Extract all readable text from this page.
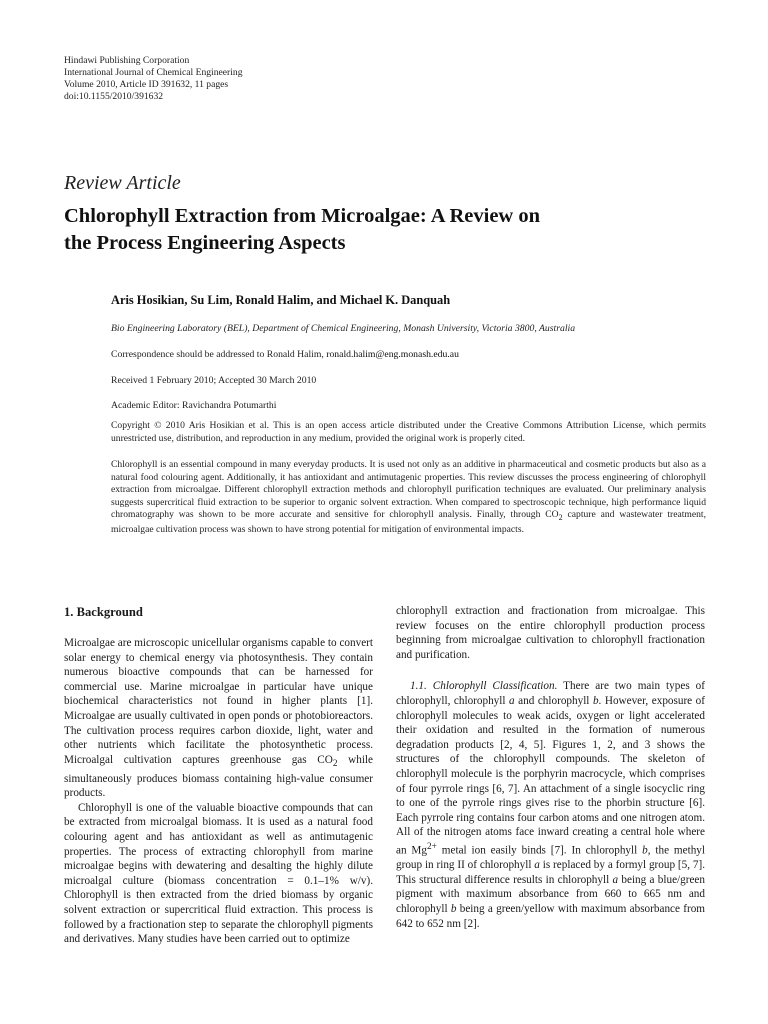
Hindawi Publishing Corporation
International Journal of Chemical Engineering
Volume 2010, Article ID 391632, 11 pages
doi:10.1155/2010/391632
Review Article
Chlorophyll Extraction from Microalgae: A Review on
the Process Engineering Aspects
Aris Hosikian, Su Lim, Ronald Halim, and Michael K. Danquah
Bio Engineering Laboratory (BEL), Department of Chemical Engineering, Monash University, Victoria 3800, Australia
Correspondence should be addressed to Ronald Halim, ronald.halim@eng.monash.edu.au
Received 1 February 2010; Accepted 30 March 2010
Academic Editor: Ravichandra Potumarthi
Copyright © 2010 Aris Hosikian et al. This is an open access article distributed under the Creative Commons Attribution License, which permits unrestricted use, distribution, and reproduction in any medium, provided the original work is properly cited.

Chlorophyll is an essential compound in many everyday products. It is used not only as an additive in pharmaceutical and cosmetic products but also as a natural food colouring agent. Additionally, it has antioxidant and antimutagenic properties. This review discusses the process engineering of chlorophyll extraction from microalgae. Different chlorophyll extraction methods and chlorophyll purification techniques are evaluated. Our preliminary analysis suggests supercritical fluid extraction to be superior to organic solvent extraction. When compared to spectroscopic technique, high performance liquid chromatography was shown to be more accurate and sensitive for chlorophyll analysis. Finally, through $CO_2$ capture and wastewater treatment, microalgae cultivation process was shown to have strong potential for mitigation of environmental impacts.

1. Background

Microalgae are microscopic unicellular organisms capable to convert solar energy to chemical energy via photosynthesis. They contain numerous bioactive compounds that can be harnessed for commercial use. Marine microalgae in particular have unique biochemical characteristics not found in higher plants [1]. Microalgae are usually cultivated in open ponds or photobioreactors. The cultivation process requires carbon dioxide, light, water and other nutrients which facilitate the photosynthetic process. Microalgal cultivation captures greenhouse gas $CO_2$ while simultaneously produces biomass containing high-value consumer products.

Chlorophyll is one of the valuable bioactive compounds that can be extracted from microalgal biomass. It is used as a natural food colouring agent and has antioxidant as well as antimutagenic properties. The process of extracting chlorophyll from marine microalgae begins with dewatering and desalting the highly dilute microalgal culture (biomass concentration = 0.1–1% w/v). Chlorophyll is then extracted from the dried biomass by organic solvent extraction or supercritical fluid extraction. This process is followed by a fractionation step to separate the chlorophyll pigments and derivatives. Many studies have been carried out to optimize

chlorophyll extraction and fractionation from microalgae. This review focuses on the entire chlorophyll production process beginning from microalgae cultivation to chlorophyll fractionation and purification.

1.1. Chlorophyll Classification. There are two main types of chlorophyll, chlorophyll a and chlorophyll b. However, exposure of chlorophyll molecules to weak acids, oxygen or light accelerated their oxidation and resulted in the formation of numerous degradation products [2, 4, 5]. Figures 1, 2, and 3 shows the structures of the chlorophyll compounds. The skeleton of chlorophyll molecule is the porphyrin macrocycle, which comprises of four pyrrole rings [6, 7]. An attachment of a single isocyclic ring to one of the pyrrole rings gives rise to the phorbin structure [6]. Each pyrrole ring contains four carbon atoms and one nitrogen atom. All of the nitrogen atoms face inward creating a central hole where an $Mg^{2+}$ metal ion easily binds [7]. In chlorophyll b, the methyl group in ring II of chlorophyll a is replaced by a formyl group [5, 7]. This structural difference results in chlorophyll a being a blue/green pigment with maximum absorbance from 660 to 665 nm and chlorophyll b being a green/yellow with maximum absorbance from 642 to 652 nm [2].
